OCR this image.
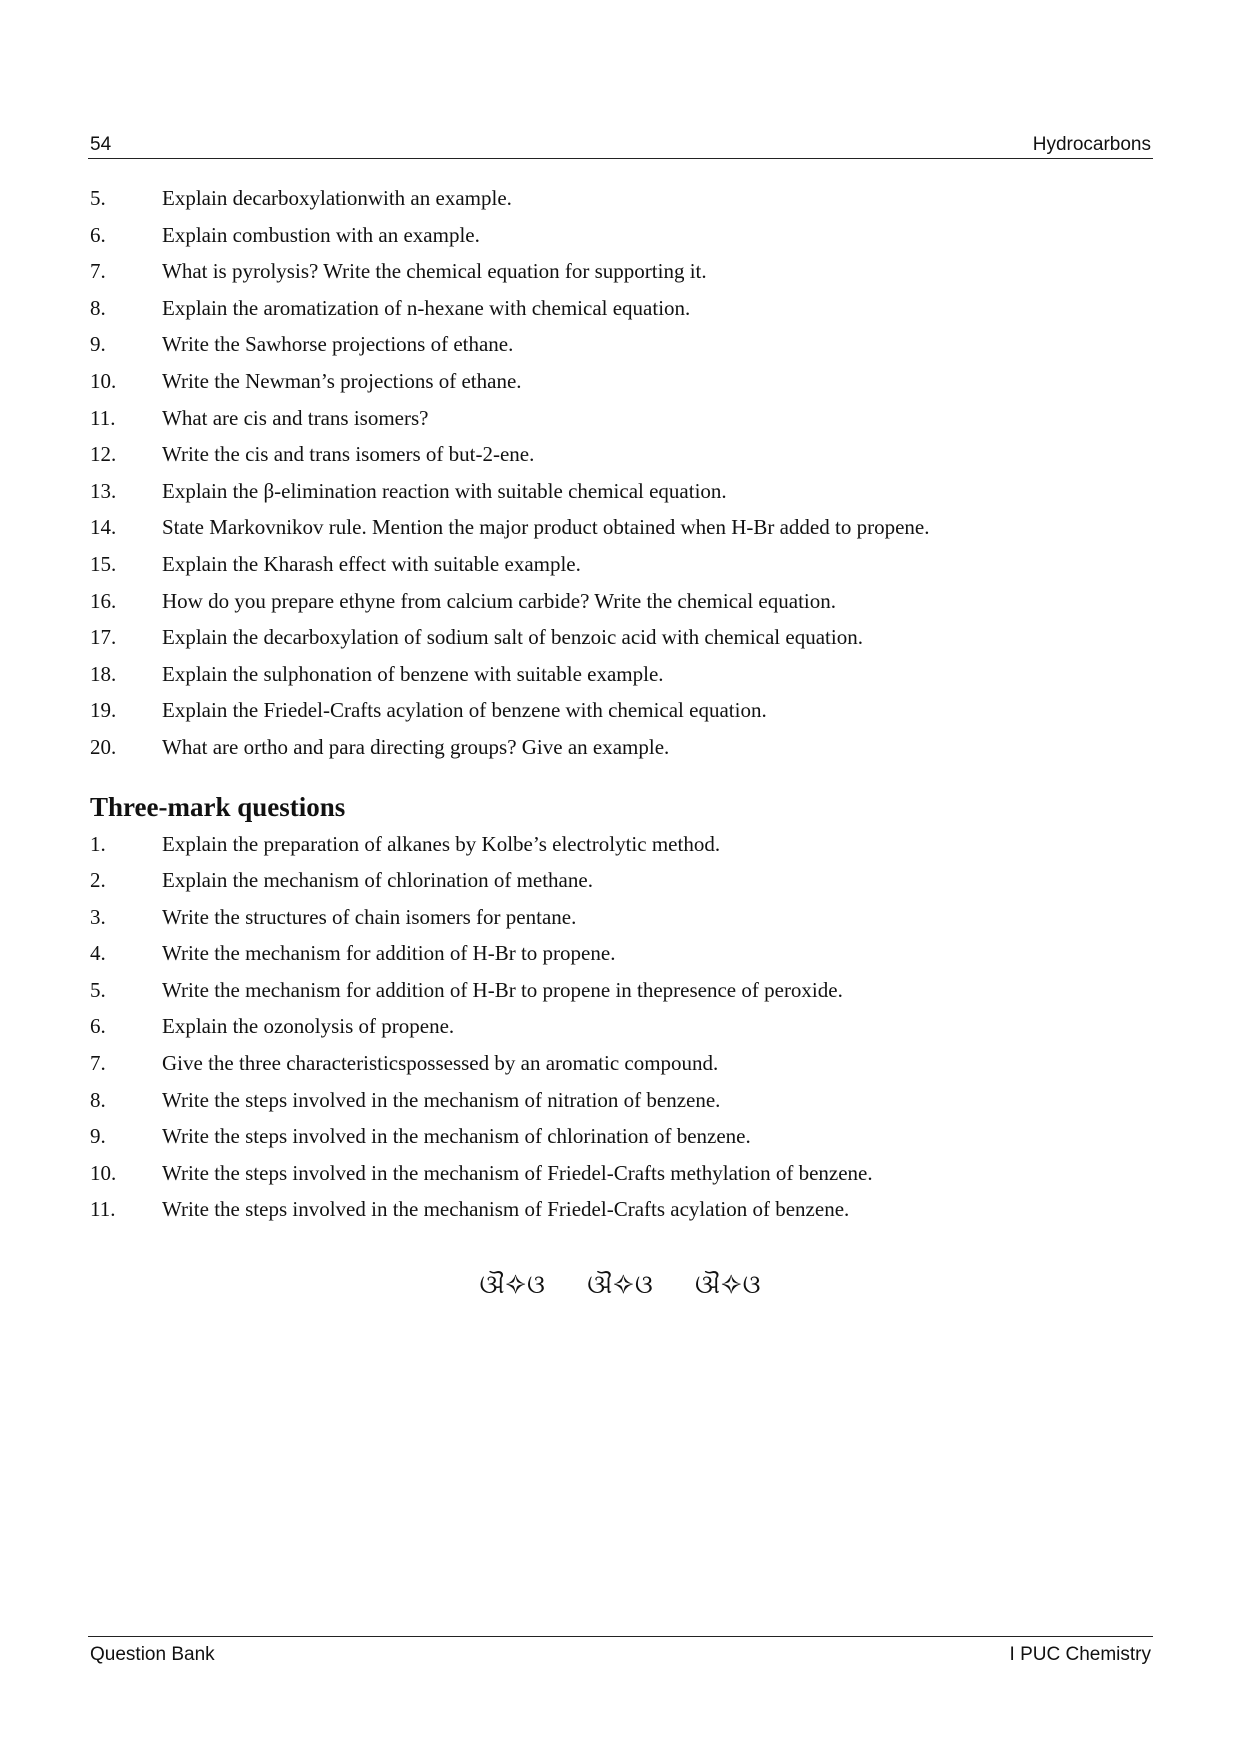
54	Hydrocarbons
5.	Explain decarboxylationwith an example.
6.	Explain combustion with an example.
7.	What is pyrolysis? Write the chemical equation for supporting it.
8.	Explain the aromatization of n-hexane with chemical equation.
9.	Write the Sawhorse projections of ethane.
10. Write the Newman’s projections of ethane.
11. What are cis and trans isomers?
12. Write the cis and trans isomers of but-2-ene.
13. Explain the β-elimination reaction with suitable chemical equation.
14. State Markovnikov rule. Mention the major product obtained when H-Br added to propene.
15. Explain the Kharash effect with suitable example.
16. How do you prepare ethyne from calcium carbide? Write the chemical equation.
17. Explain the decarboxylation of sodium salt of benzoic acid with chemical equation.
18. Explain the sulphonation of benzene with suitable example.
19. Explain the Friedel-Crafts acylation of benzene with chemical equation.
20. What are ortho and para directing groups? Give an example.
Three-mark questions
1.	Explain the preparation of alkanes by Kolbe’s electrolytic method.
2.	Explain the mechanism of chlorination of methane.
3.	Write the structures of chain isomers for pentane.
4.	Write the mechanism for addition of H-Br to propene.
5.	Write the mechanism for addition of H-Br to propene in thepresence of peroxide.
6.	Explain the ozonolysis of propene.
7.	Give the three characteristicspossessed by an aromatic compound.
8.	Write the steps involved in the mechanism of nitration of benzene.
9.	Write the steps involved in the mechanism of chlorination of benzene.
10. Write the steps involved in the mechanism of Friedel-Crafts methylation of benzene.
11. Write the steps involved in the mechanism of Friedel-Crafts acylation of benzene.
ଔ✧ଓ ଔ✧ଓ ଔ✧ଓ
Question Bank	I PUC Chemistry
